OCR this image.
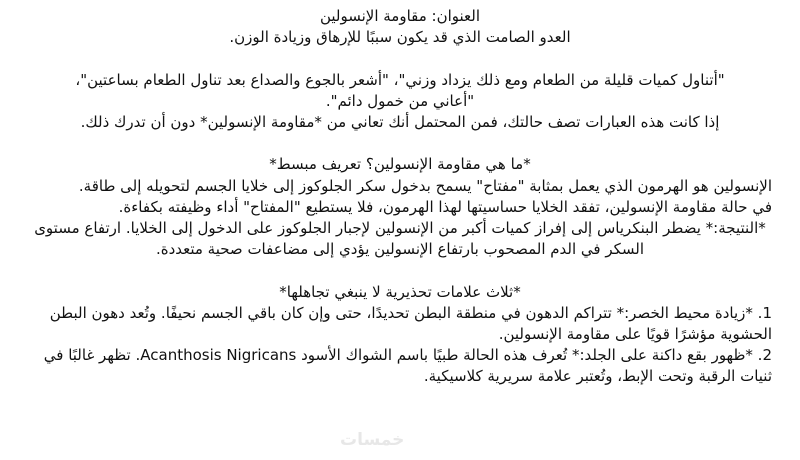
العنوان: مقاومة الإنسولين

العدو الصامت الذي قد يكون سببًا للإرهاق وزيادة الوزن.

"أتناول كميات قليلة من الطعام ومع ذلك يزداد وزني"، "أشعر بالجوع والصداع بعد تناول الطعام بساعتين"،

"أعاني من خمول دائم".

إذا كانت هذه العبارات تصف حالتك، فمن المحتمل أنك تعاني من *مقاومة الإنسولين* دون أن تدرك ذلك.

*ما هي مقاومة الإنسولين؟ تعريف مبسط*

الإنسولين هو الهرمون الذي يعمل بمثابة "مفتاح" يسمح بدخول سكر الجلوكوز إلى خلايا الجسم لتحويله إلى طاقة.

في حالة مقاومة الإنسولين، تفقد الخلايا حساسيتها لهذا الهرمون، فلا يستطيع "المفتاح" أداء وظيفته بكفاءة.

*النتيجة:* يضطر البنكرياس إلى إفراز كميات أكبر من الإنسولين لإجبار الجلوكوز على الدخول إلى الخلايا. ارتفاع مستوى السكر في الدم المصحوب بارتفاع الإنسولين يؤدي إلى مضاعفات صحية متعددة.

*ثلاث علامات تحذيرية لا ينبغي تجاهلها*

1. *زيادة محيط الخصر:* تتراكم الدهون في منطقة البطن تحديدًا، حتى وإن كان باقي الجسم نحيفًا. وتُعد دهون البطن الحشوية مؤشرًا قويًا على مقاومة الإنسولين.

2. *ظهور بقع داكنة على الجلد:* تُعرف هذه الحالة طبيًا باسم الشواك الأسود Acanthosis Nigricans. تظهر غالبًا في ثنيات الرقبة وتحت الإبط، وتُعتبر علامة سريرية كلاسيكية.

خمسات
